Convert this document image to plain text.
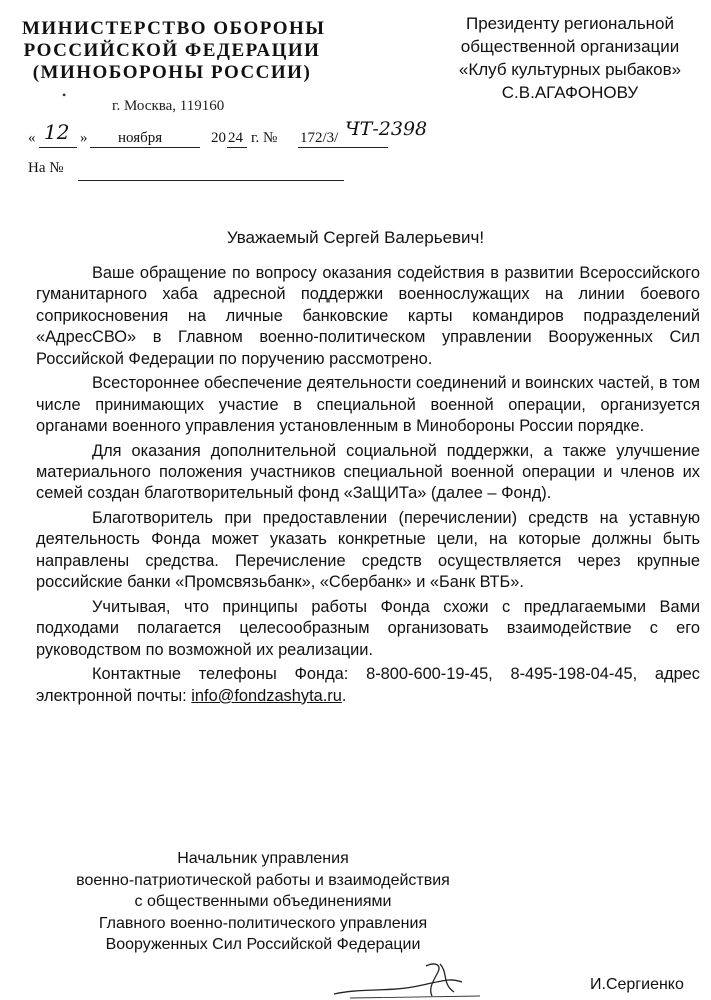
МИНИСТЕРСТВО ОБОРОНЫ
РОССИЙСКОЙ ФЕДЕРАЦИИ
(МИНОБОРОНЫ РОССИИ)
•
г. Москва, 119160
« 12 » ноября	20 24 г. № 172/3/ ЧТ-2398
На №
Президенту региональной
общественной организации
«Клуб культурных рыбаков»
С.В.АГАФОНОВУ
Уважаемый Сергей Валерьевич!

Ваше обращение по вопросу оказания содействия в развитии Всероссийского гуманитарного хаба адресной поддержки военнослужащих на линии боевого соприкосновения на личные банковские карты командиров подразделений «АдресСВО» в Главном военно-политическом управлении Вооруженных Сил Российской Федерации по поручению рассмотрено.

Всестороннее обеспечение деятельности соединений и воинских частей, в том числе принимающих участие в специальной военной операции, организуется органами военного управления установленным в Минобороны России порядке.

Для оказания дополнительной социальной поддержки, а также улучшение материального положения участников специальной военной операции и членов их семей создан благотворительный фонд «ЗаЩИТа» (далее – Фонд).

Благотворитель при предоставлении (перечислении) средств на уставную деятельность Фонда может указать конкретные цели, на которые должны быть направлены средства. Перечисление средств осуществляется через крупные российские банки «Промсвязьбанк», «Сбербанк» и «Банк ВТБ».

Учитывая, что принципы работы Фонда схожи с предлагаемыми Вами подходами полагается целесообразным организовать взаимодействие с его руководством по возможной их реализации.

Контактные телефоны Фонда: 8-800-600-19-45, 8-495-198-04-45, адрес электронной почты: info@fondzashyta.ru.

Начальник управления
военно-патриотической работы и взаимодействия
с общественными объединениями
Главного военно-политического управления
Вооруженных Сил Российской Федерации
И.Сергиенко
